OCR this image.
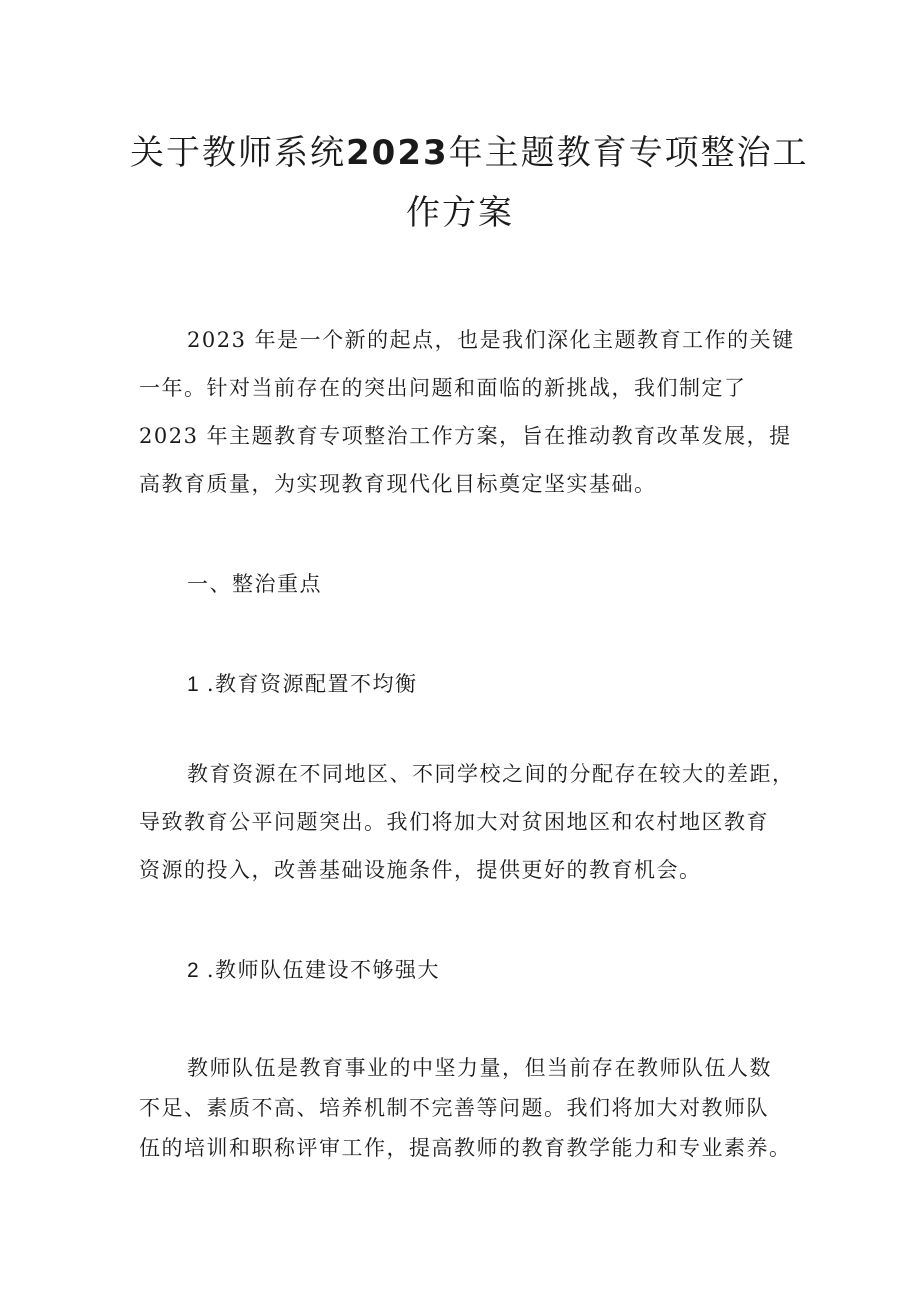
关于教师系统2023年主题教育专项整治工
作方案
2023 年是一个新的起点，也是我们深化主题教育工作的关键
一年。针对当前存在的突出问题和面临的新挑战，我们制定了
2023 年主题教育专项整治工作方案，旨在推动教育改革发展，提
高教育质量，为实现教育现代化目标奠定坚实基础。
一、整治重点
1 .教育资源配置不均衡
教育资源在不同地区、不同学校之间的分配存在较大的差距，
导致教育公平问题突出。我们将加大对贫困地区和农村地区教育
资源的投入，改善基础设施条件，提供更好的教育机会。
2 .教师队伍建设不够强大
教师队伍是教育事业的中坚力量，但当前存在教师队伍人数
不足、素质不高、培养机制不完善等问题。我们将加大对教师队
伍的培训和职称评审工作，提高教师的教育教学能力和专业素养。
